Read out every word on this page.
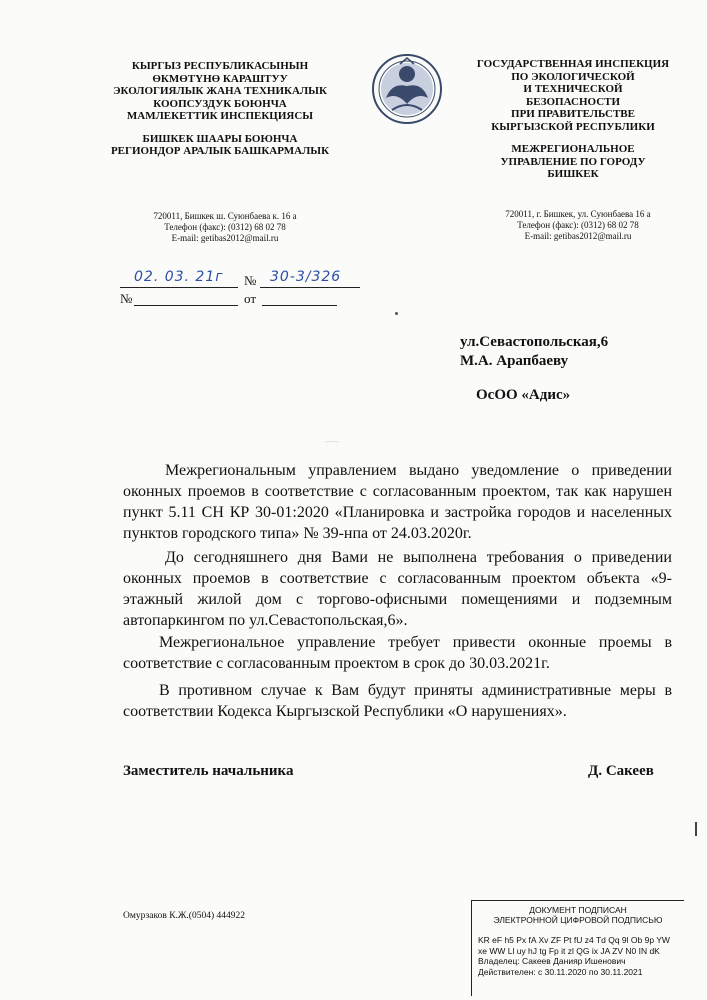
—
КЫРГЫЗ РЕСПУБЛИКАСЫНЫН
ӨКМӨТҮНӨ КАРАШТУУ
ЭКОЛОГИЯЛЫК ЖАНА ТЕХНИКАЛЫК
КООПСУЗДУК БОЮНЧА
МАМЛЕКЕТТИК ИНСПЕКЦИЯСЫ
БИШКЕК ШААРЫ БОЮНЧА
РЕГИОНДОР АРАЛЫК БАШКАРМАЛЫК
720011, Бишкек ш. Суюнбаева к. 16 а
Телефон (факс): (0312) 68 02 78
E-mail: getibas2012@mail.ru
ГОСУДАРСТВЕННАЯ ИНСПЕКЦИЯ
ПО ЭКОЛОГИЧЕСКОЙ
И ТЕХНИЧЕСКОЙ
БЕЗОПАСНОСТИ
ПРИ ПРАВИТЕЛЬСТВЕ
КЫРГЫЗСКОЙ РЕСПУБЛИКИ
МЕЖРЕГИОНАЛЬНОЕ
УПРАВЛЕНИЕ ПО ГОРОДУ
БИШКЕК
720011, г. Бишкек, ул. Суюнбаева 16 а
Телефон (факс): (0312) 68 02 78
E-mail: getibas2012@mail.ru
02. 03. 21г № 30-3/326
№	от
ул.Севастопольская,6
М.А. Арапбаеву
ОсОО «Адис»
Межрегиональным управлением выдано уведомление о приведении оконных проемов в соответствие с согласованным проектом, так как нарушен пункт 5.11 СН КР 30-01:2020 «Планировка и застройка городов и населенных пунктов городского типа» № 39-нпа от 24.03.2020г.
До сегодняшнего дня Вами не выполнена требования о приведении оконных проемов в соответствие с согласованным проектом объекта «9-этажный жилой дом с торгово-офисными помещениями и подземным автопаркингом по ул.Севастопольская,6».
Межрегиональное управление требует привести оконные проемы в соответствие с согласованным проектом в срок до 30.03.2021г.
В противном случае к Вам будут приняты административные меры в соответствии Кодекса Кыргызской Республики «О нарушениях».
Заместитель начальника	Д. Сакеев
Омурзаков К.Ж.(0504) 444922
ДОКУМЕНТ ПОДПИСАН
ЭЛЕКТРОННОЙ ЦИФРОВОЙ ПОДПИСЬЮ
KR eF h5 Px fA Xv ZF Pt fU z4 Td Qq 9l Ob 9p YW
xe WW Ll uy hJ tg Fp it zl QG ix JA ZV N0 IN dK
Владелец: Сакеев Данияр Ишенович
Действителен: с 30.11.2020 по 30.11.2021
